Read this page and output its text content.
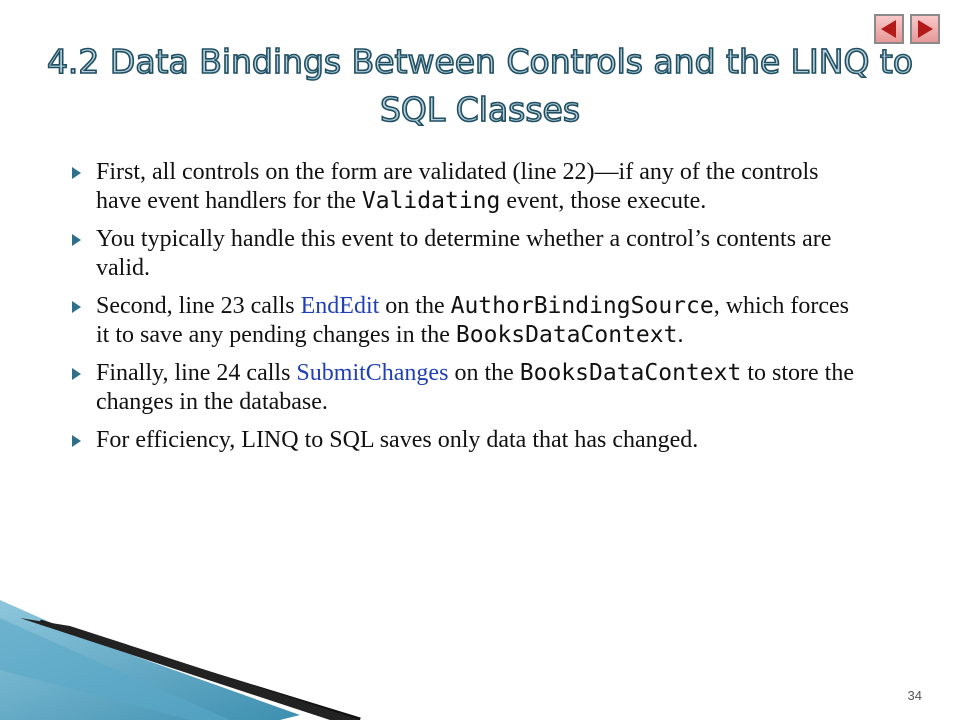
4.2 Data Bindings Between Controls and the LINQ to SQL Classes
First, all controls on the form are validated (line 22)—if any of the controls have event handlers for the Validating event, those execute.
You typically handle this event to determine whether a control’s contents are valid.
Second, line 23 calls EndEdit on the AuthorBindingSource, which forces it to save any pending changes in the BooksDataContext.
Finally, line 24 calls SubmitChanges on the BooksDataContext to store the changes in the database.
For efficiency, LINQ to SQL saves only data that has changed.
34
